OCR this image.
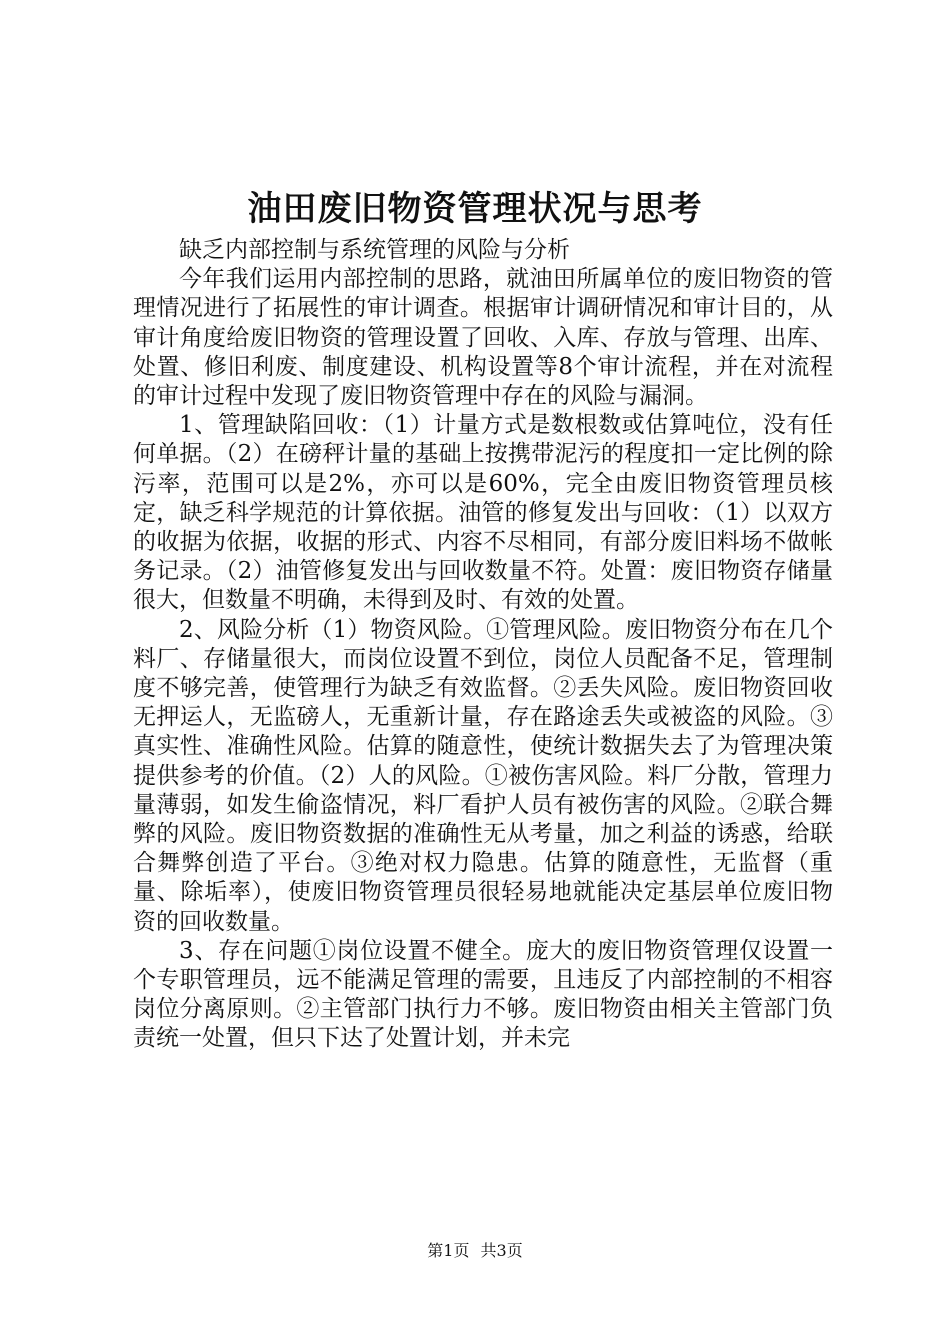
油田废旧物资管理状况与思考

缺乏内部控制与系统管理的风险与分析

今年我们运用内部控制的思路，就油田所属单位的废旧物资的管理情况进行了拓展性的审计调查。根据审计调研情况和审计目的，从审计角度给废旧物资的管理设置了回收、入库、存放与管理、出库、处置、修旧利废、制度建设、机构设置等8个审计流程，并在对流程的审计过程中发现了废旧物资管理中存在的风险与漏洞。

1、管理缺陷回收：（1）计量方式是数根数或估算吨位，没有任何单据。（2）在磅秤计量的基础上按携带泥污的程度扣一定比例的除污率，范围可以是2%，亦可以是60%，完全由废旧物资管理员核定，缺乏科学规范的计算依据。油管的修复发出与回收：（1）以双方的收据为依据，收据的形式、内容不尽相同，有部分废旧料场不做帐务记录。（2）油管修复发出与回收数量不符。处置：废旧物资存储量很大，但数量不明确，未得到及时、有效的处置。

2、风险分析（1）物资风险。①管理风险。废旧物资分布在几个料厂、存储量很大，而岗位设置不到位，岗位人员配备不足，管理制度不够完善，使管理行为缺乏有效监督。②丢失风险。废旧物资回收无押运人，无监磅人，无重新计量，存在路途丢失或被盗的风险。③真实性、准确性风险。估算的随意性，使统计数据失去了为管理决策提供参考的价值。（2）人的风险。①被伤害风险。料厂分散，管理力量薄弱，如发生偷盗情况，料厂看护人员有被伤害的风险。②联合舞弊的风险。废旧物资数据的准确性无从考量，加之利益的诱惑，给联合舞弊创造了平台。③绝对权力隐患。估算的随意性，无监督（重量、除垢率），使废旧物资管理员很轻易地就能决定基层单位废旧物资的回收数量。

3、存在问题①岗位设置不健全。庞大的废旧物资管理仅设置一个专职管理员，远不能满足管理的需要，且违反了内部控制的不相容岗位分离原则。②主管部门执行力不够。废旧物资由相关主管部门负责统一处置，但只下达了处置计划，并未完

第1页 共3页
